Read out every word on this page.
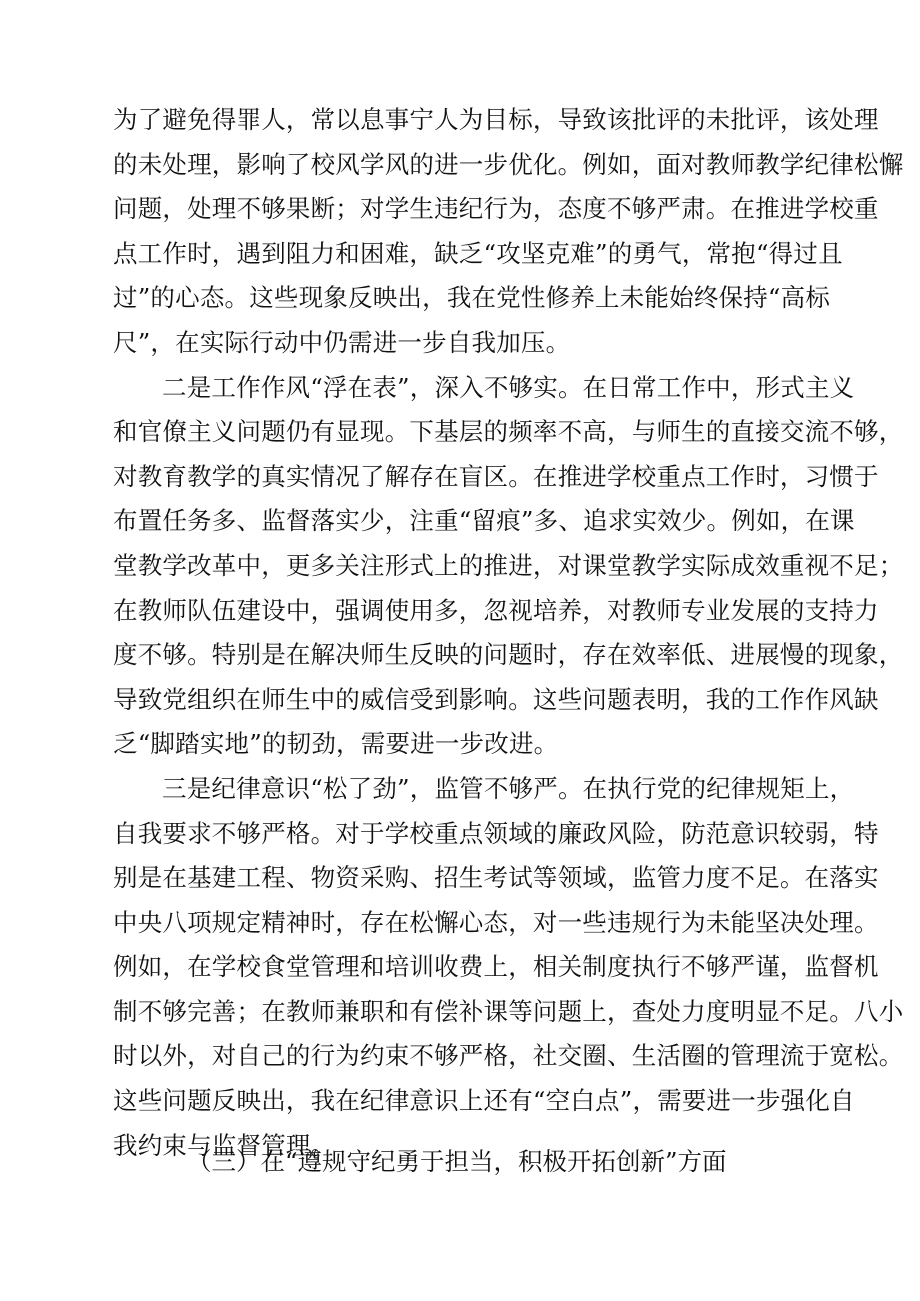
为了避免得罪人，常以息事宁人为目标，导致该批评的未批评，该处理
的未处理，影响了校风学风的进一步优化。例如，面对教师教学纪律松懈
问题，处理不够果断；对学生违纪行为，态度不够严肃。在推进学校重
点工作时，遇到阻力和困难，缺乏“攻坚克难”的勇气，常抱“得过且
过”的心态。这些现象反映出，我在党性修养上未能始终保持“高标
尺”，在实际行动中仍需进一步自我加压。
二是工作作风“浮在表”，深入不够实。在日常工作中，形式主义
和官僚主义问题仍有显现。下基层的频率不高，与师生的直接交流不够，
对教育教学的真实情况了解存在盲区。在推进学校重点工作时，习惯于
布置任务多、监督落实少，注重“留痕”多、追求实效少。例如，在课
堂教学改革中，更多关注形式上的推进，对课堂教学实际成效重视不足；
在教师队伍建设中，强调使用多，忽视培养，对教师专业发展的支持力
度不够。特别是在解决师生反映的问题时，存在效率低、进展慢的现象，
导致党组织在师生中的威信受到影响。这些问题表明，我的工作作风缺
乏“脚踏实地”的韧劲，需要进一步改进。
三是纪律意识“松了劲”，监管不够严。在执行党的纪律规矩上，
自我要求不够严格。对于学校重点领域的廉政风险，防范意识较弱，特
别是在基建工程、物资采购、招生考试等领域，监管力度不足。在落实
中央八项规定精神时，存在松懈心态，对一些违规行为未能坚决处理。
例如，在学校食堂管理和培训收费上，相关制度执行不够严谨，监督机
制不够完善；在教师兼职和有偿补课等问题上，查处力度明显不足。八小
时以外，对自己的行为约束不够严格，社交圈、生活圈的管理流于宽松。
这些问题反映出，我在纪律意识上还有“空白点”，需要进一步强化自
我约束与监督管理。
（三）在“遵规守纪勇于担当，积极开拓创新”方面
